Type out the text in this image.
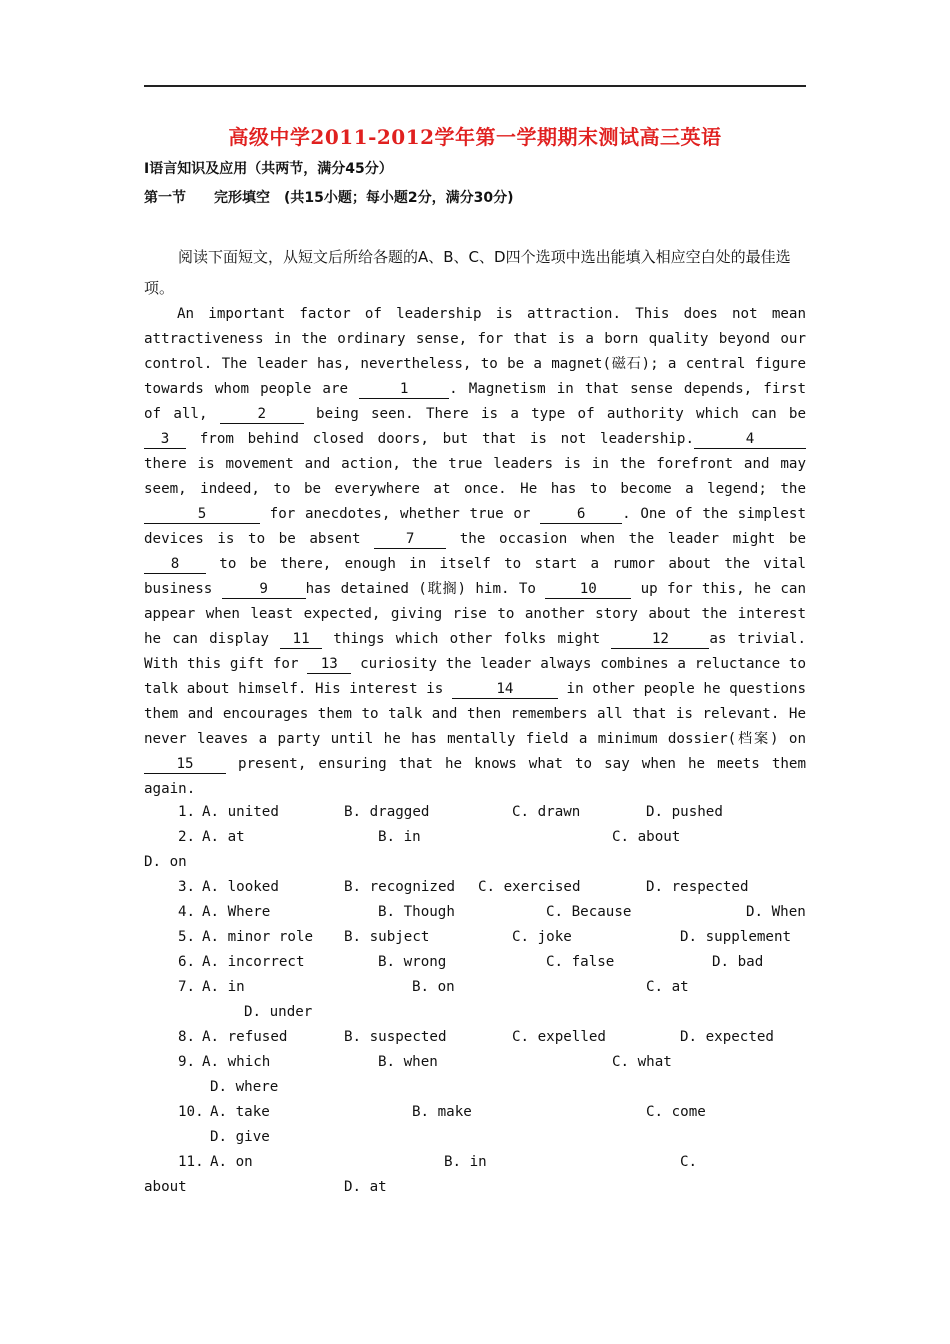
高级中学2011-2012学年第一学期期末测试高三英语
I语言知识及应用（共两节，满分45分）
第一节 完形填空 (共15小题；每小题2分，满分30分)
阅读下面短文，从短文后所给各题的A、B、C、D四个选项中选出能填入相应空白处的最佳选项。
An important factor of leadership is attraction. This does not mean attractiveness in the ordinary sense, for that is a born quality beyond our control. The leader has, nevertheless, to be a magnet(磁石); a central figure towards whom people are	1	. Magnetism in that sense depends, first of all,	2	being seen. There is a type of authority which can be 3 from behind closed doors, but that is not leadership.	4 there is movement and action, the true leaders is in the forefront and may seem, indeed, to be everywhere at once. He has to become a legend; the5	for anecdotes, whether true or	6	. One of the simplest devices is to be absent 7 the occasion when the leader might be 8 to be there, enough in itself to start a rumor about the vital business	9	has detained (耽搁) him. To 10 up for this, he can appear when least expected, giving rise to another story about the interest he can display 11 things which other folks might	12	as trivial. With this gift for 13 curiosity the leader always combines a reluctance to talk about himself. His interest is	14	in other people he questions them and encourages them to talk and then remembers all that is relevant. He never leaves a party until he has mentally field a minimum dossier(档案) on 15 present, ensuring that he knows what to say when he meets them again.
1. A. united	B. dragged	C. drawn	D. pushed
2. A. at	B. in	C. about
D. on
3. A. looked	B. recognized C. exercised	D. respected
4. A. Where	B. Though	C. Because	D. When
5. A. minor role B. subject	C. joke	D. supplement
6. A. incorrect	B. wrong	C. false	D. bad
7. A. in	B. on	C. at
D. under
8. A. refused	B. suspected	C. expelled	D. expected
9. A. which	B. when	C. what
D. where
10. A. take	B. make	C. come
D. give
11. A. on	B. in	C.
about	D. at
